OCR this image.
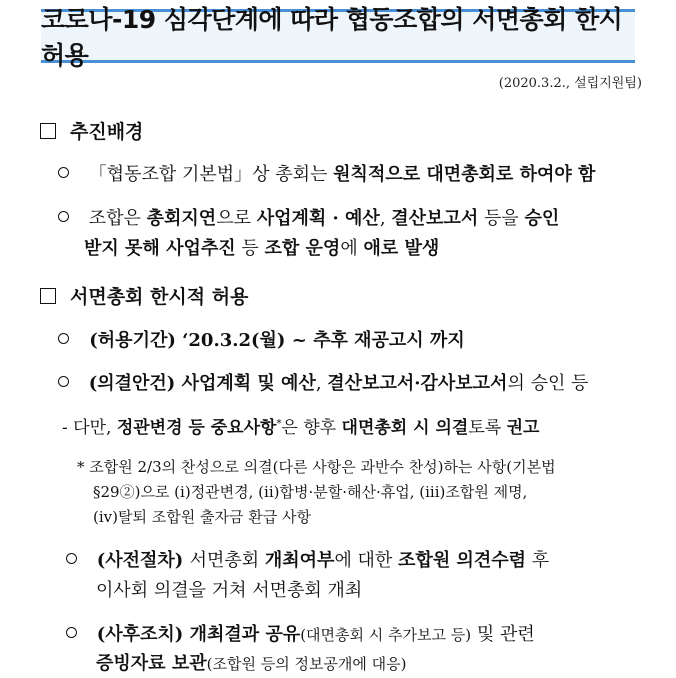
코로나-19 심각단계에 따라 협동조합의 서면총회 한시허용
(2020.3.2., 설립지원팀)
추진배경
「협동조합 기본법」상 총회는 원칙적으로 대면총회로 하여야 함
조합은 총회지연으로 사업계획 · 예산, 결산보고서 등을 승인
받지 못해 사업추진 등 조합 운영에 애로 발생
서면총회 한시적 허용
(허용기간) ‘20.3.2(월) ~ 추후 재공고시 까지
(의결안건) 사업계획 및 예산, 결산보고서·감사보고서의 승인 등
- 다만, 정관변경 등 중요사항*은 향후 대면총회 시 의결토록 권고
* 조합원 2/3의 찬성으로 의결(다른 사항은 과반수 찬성)하는 사항(기본법
§29②)으로 (i)정관변경, (ii)합병·분할·해산·휴업, (iii)조합원 제명,
(iv)탈퇴 조합원 출자금 환급 사항
(사전절차) 서면총회 개최여부에 대한 조합원 의견수렴 후
이사회 의결을 거쳐 서면총회 개최
(사후조치) 개최결과 공유(대면총회 시 추가보고 등) 및 관련
증빙자료 보관(조합원 등의 정보공개에 대응)
